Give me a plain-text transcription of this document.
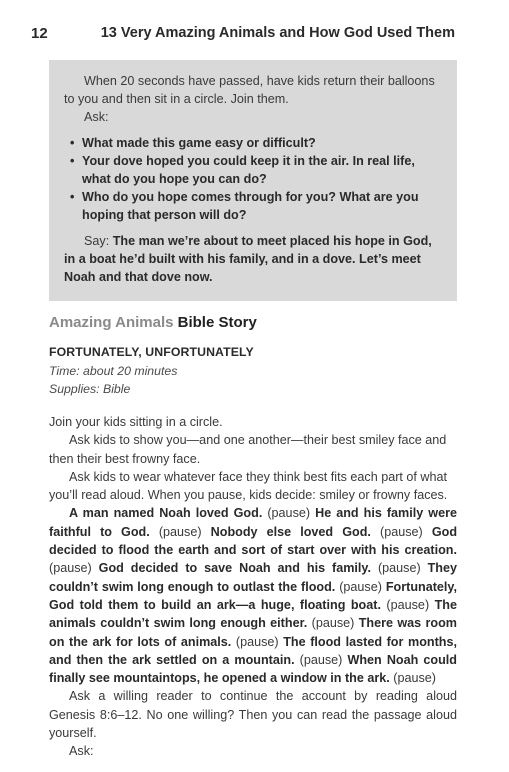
12	13 Very Amazing Animals and How God Used Them

When 20 seconds have passed, have kids return their balloons to you and then sit in a circle. Join them.

Ask:

• What made this game easy or difficult?
• Your dove hoped you could keep it in the air. In real life, what do you hope you can do?
• Who do you hope comes through for you? What are you hoping that person will do?

Say: The man we’re about to meet placed his hope in God, in a boat he’d built with his family, and in a dove. Let’s meet Noah and that dove now.

Amazing Animals Bible Story
FORTUNATELY, UNFORTUNATELY
Time: about 20 minutes
Supplies: Bible

Join your kids sitting in a circle.

Ask kids to show you—and one another—their best smiley face and then their best frowny face.

Ask kids to wear whatever face they think best fits each part of what you’ll read aloud. When you pause, kids decide: smiley or frowny faces.

A man named Noah loved God. (pause) He and his family were faithful to God. (pause) Nobody else loved God. (pause) God decided to flood the earth and sort of start over with his creation. (pause) God decided to save Noah and his family. (pause) They couldn’t swim long enough to outlast the flood. (pause) Fortunately, God told them to build an ark—a huge, floating boat. (pause) The animals couldn’t swim long enough either. (pause) There was room on the ark for lots of animals. (pause) The flood lasted for months, and then the ark settled on a mountain. (pause) When Noah could finally see mountaintops, he opened a window in the ark. (pause)

Ask a willing reader to continue the account by reading aloud Genesis 8:6–12. No one willing? Then you can read the passage aloud yourself.

Ask:
